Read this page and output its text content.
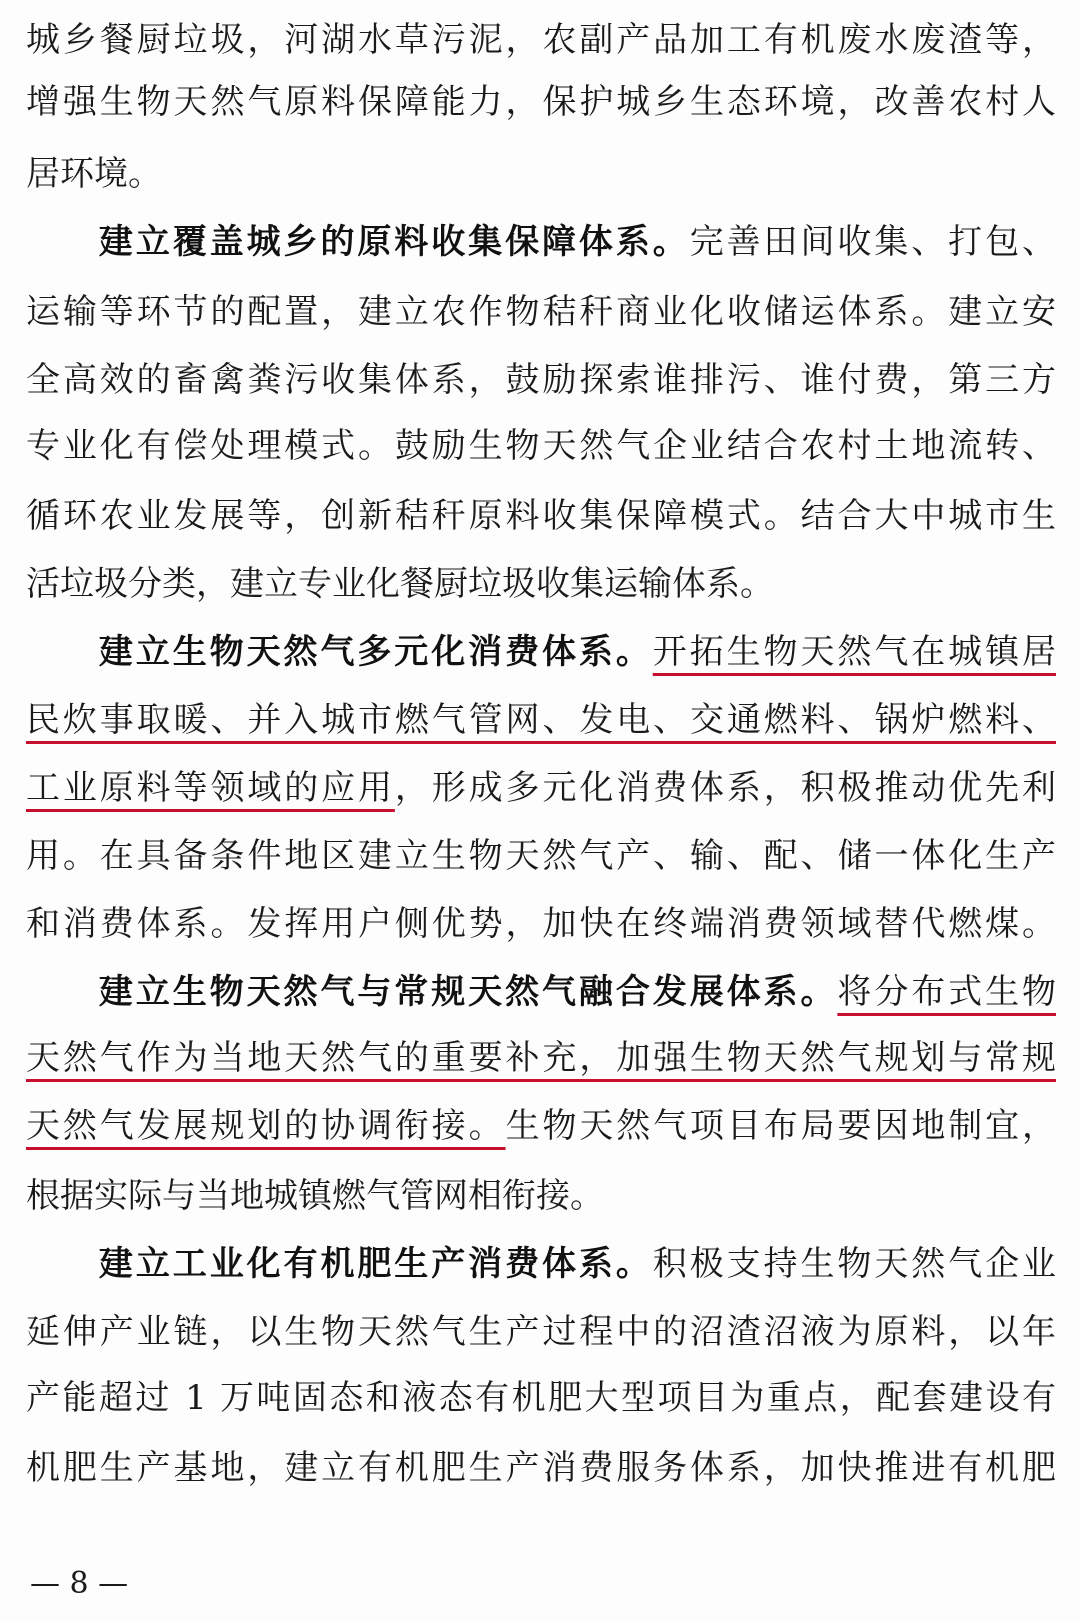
城乡餐厨垃圾，河湖水草污泥，农副产品加工有机废水废渣等，
增强生物天然气原料保障能力，保护城乡生态环境，改善农村人
居环境。
建立覆盖城乡的原料收集保障体系。完善田间收集、打包、
运输等环节的配置，建立农作物秸秆商业化收储运体系。建立安
全高效的畜禽粪污收集体系，鼓励探索谁排污、谁付费，第三方
专业化有偿处理模式。鼓励生物天然气企业结合农村土地流转、
循环农业发展等，创新秸秆原料收集保障模式。结合大中城市生
活垃圾分类，建立专业化餐厨垃圾收集运输体系。
建立生物天然气多元化消费体系。开拓生物天然气在城镇居
民炊事取暖、并入城市燃气管网、发电、交通燃料、锅炉燃料、
工业原料等领域的应用，形成多元化消费体系，积极推动优先利
用。在具备条件地区建立生物天然气产、输、配、储一体化生产
和消费体系。发挥用户侧优势，加快在终端消费领域替代燃煤。
建立生物天然气与常规天然气融合发展体系。将分布式生物
天然气作为当地天然气的重要补充，加强生物天然气规划与常规
天然气发展规划的协调衔接。生物天然气项目布局要因地制宜，
根据实际与当地城镇燃气管网相衔接。
建立工业化有机肥生产消费体系。积极支持生物天然气企业
延伸产业链，以生物天然气生产过程中的沼渣沼液为原料，以年
产能超过 1 万吨固态和液态有机肥大型项目为重点，配套建设有
机肥生产基地，建立有机肥生产消费服务体系，加快推进有机肥
— 8 —
